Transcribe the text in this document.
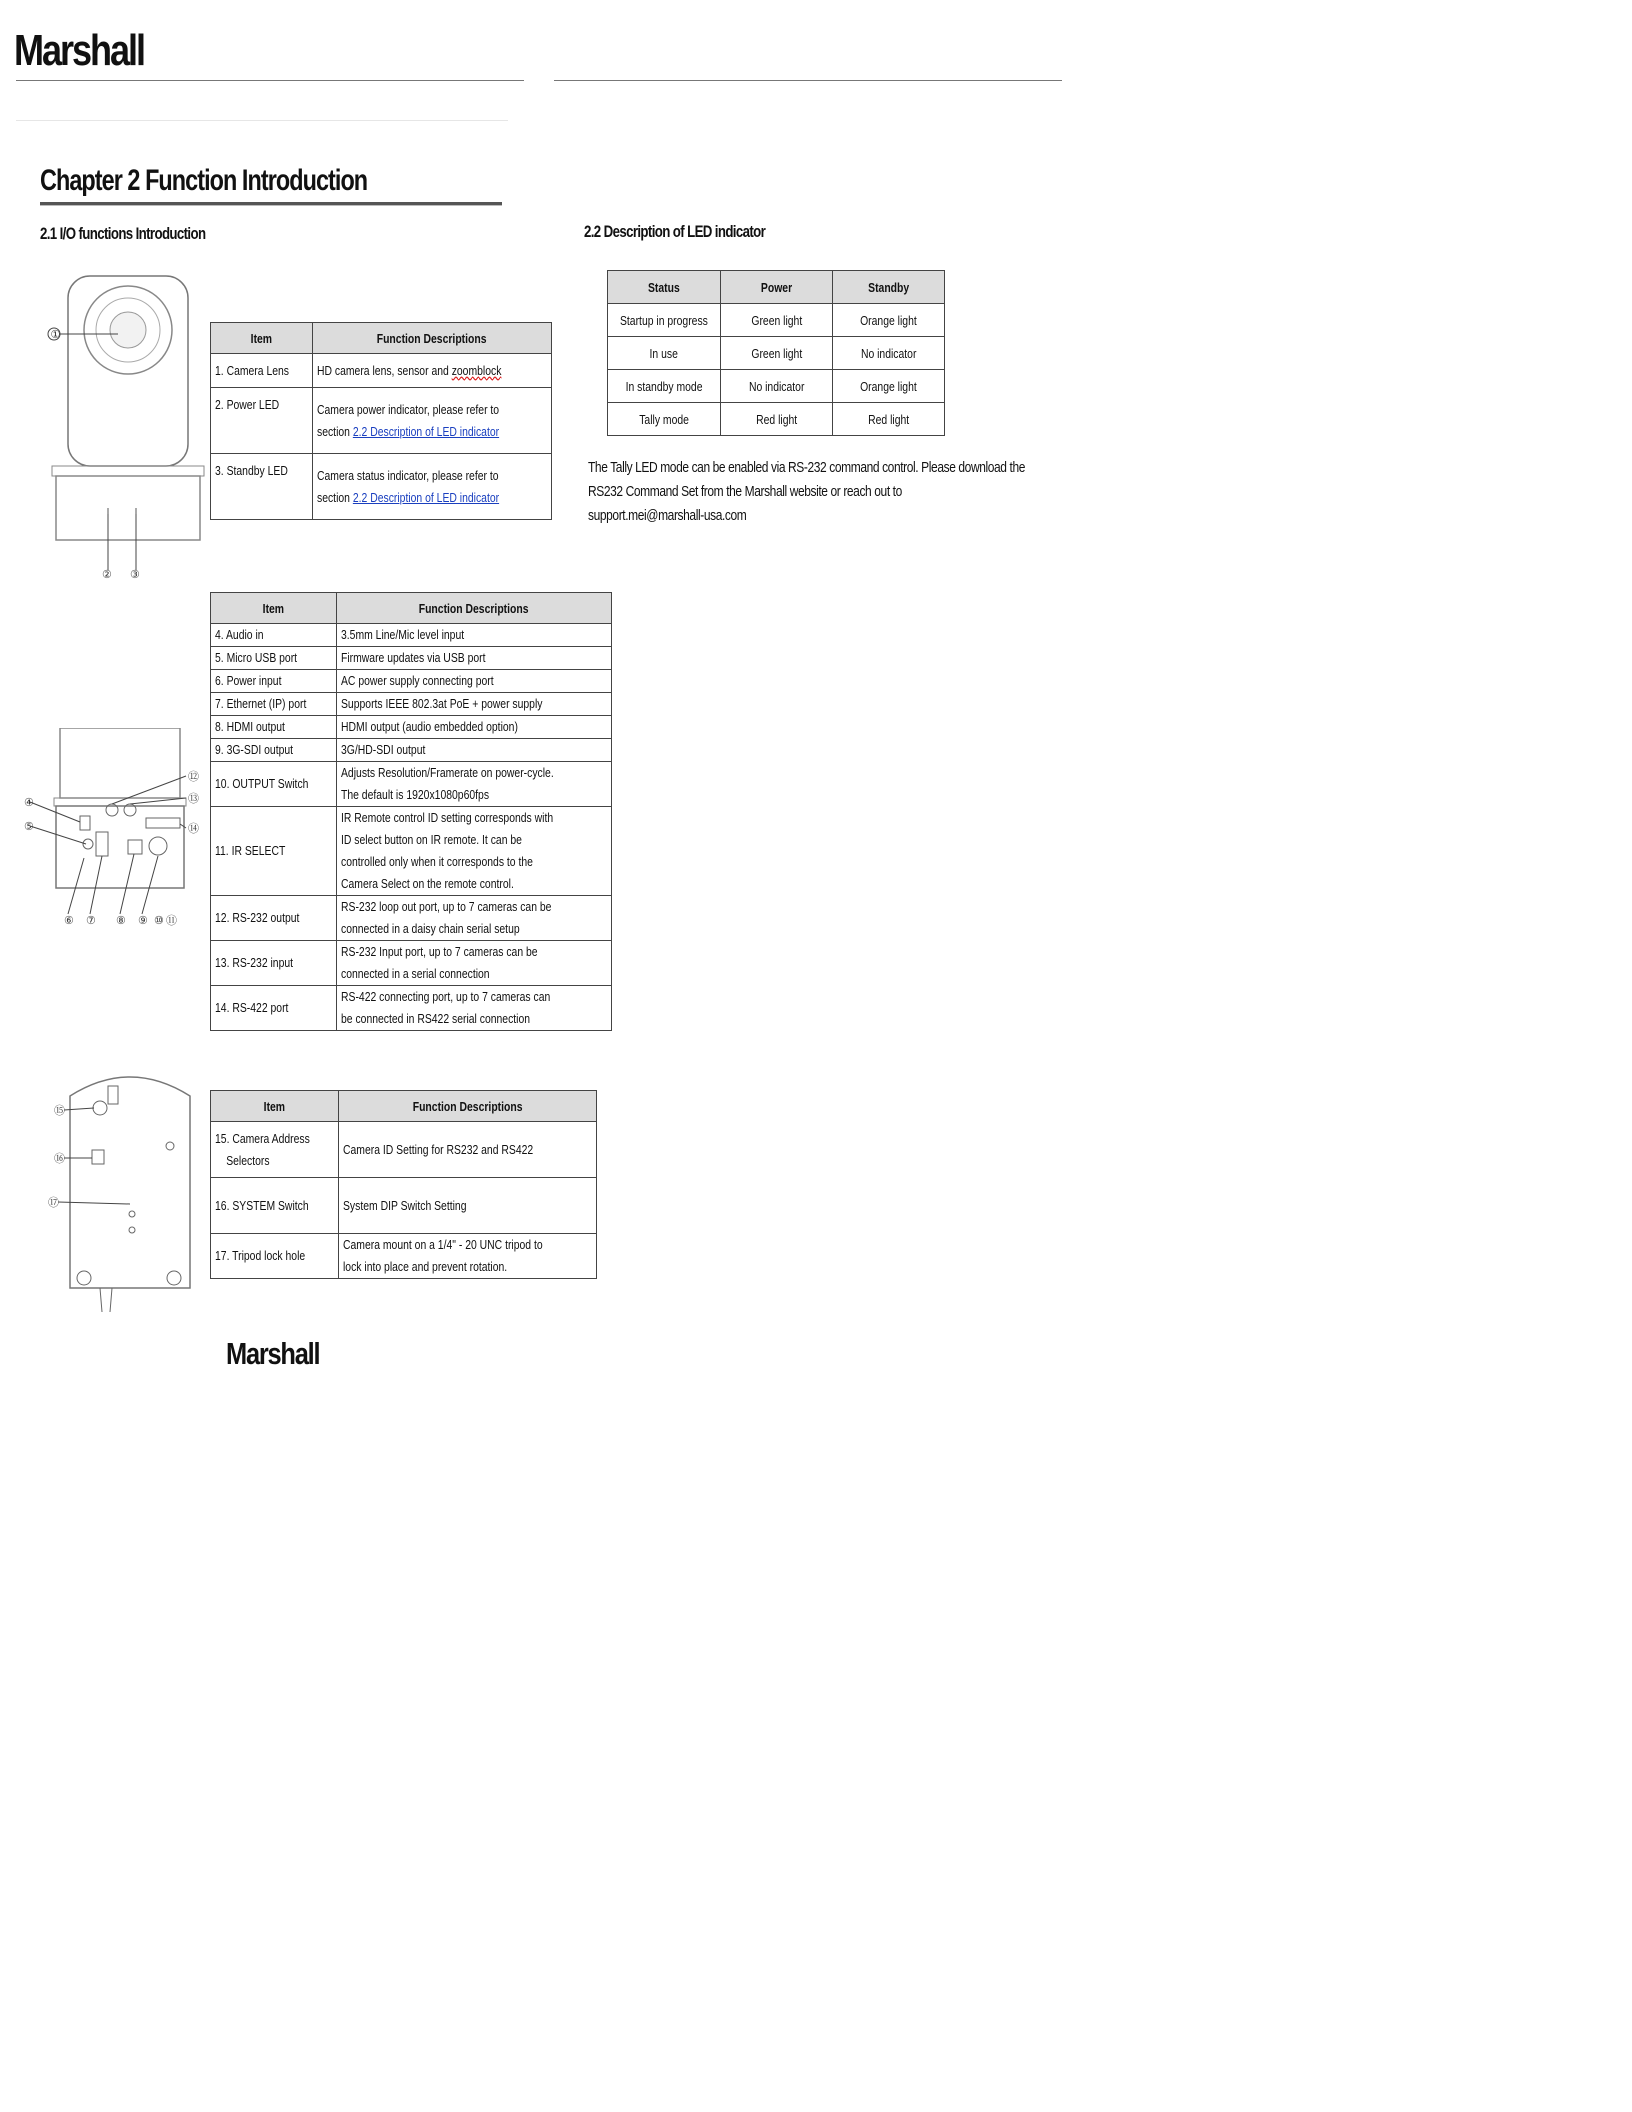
Marshall
Chapter 2 Function Introduction
2.1 I/O functions Introduction	2.2 Description of LED indicator
①
② ③
④
⑤
⑥ ⑦ ⑧ ⑨ ⑩ ⑪
⑫
⑬
⑭
⑮
⑯
⑰
Item	Function Descriptions
1. Camera Lens	HD camera lens, sensor and zoomblock
2. Power LED	Camera power indicator, please refer to
section 2.2 Description of LED indicator
3. Standby LED	Camera status indicator, please refer to
section 2.2 Description of LED indicator
Item	Function Descriptions
4. Audio in	3.5mm Line/Mic level input
5. Micro USB port	Firmware updates via USB port
6. Power input	AC power supply connecting port
7. Ethernet (IP) port	Supports IEEE 802.3at PoE + power supply
8. HDMI output	HDMI output (audio embedded option)
9. 3G-SDI output	3G/HD-SDI output
10. OUTPUT Switch	Adjusts Resolution/Framerate on power-cycle.
The default is 1920x1080p60fps
11. IR SELECT	IR Remote control ID setting corresponds with
ID select button on IR remote. It can be
controlled only when it corresponds to the
Camera Select on the remote control.
12. RS-232 output	RS-232 loop out port, up to 7 cameras can be
connected in a daisy chain serial setup
13. RS-232 input	RS-232 Input port, up to 7 cameras can be
connected in a serial connection
14. RS-422 port	RS-422 connecting port, up to 7 cameras can
be connected in RS422 serial connection
Item	Function Descriptions
15. Camera Address
Selectors	Camera ID Setting for RS232 and RS422
16. SYSTEM Switch	System DIP Switch Setting
17. Tripod lock hole	Camera mount on a 1/4" - 20 UNC tripod to
lock into place and prevent rotation.
Status	Power	Standby
Startup in progress	Green light	Orange light
In use	Green light	No indicator
In standby mode	No indicator	Orange light
Tally mode	Red light	Red light
The Tally LED mode can be enabled via RS-232 command control. Please download the
RS232 Command Set from the Marshall website or reach out to
support.mei@marshall-usa.com
Marshall
